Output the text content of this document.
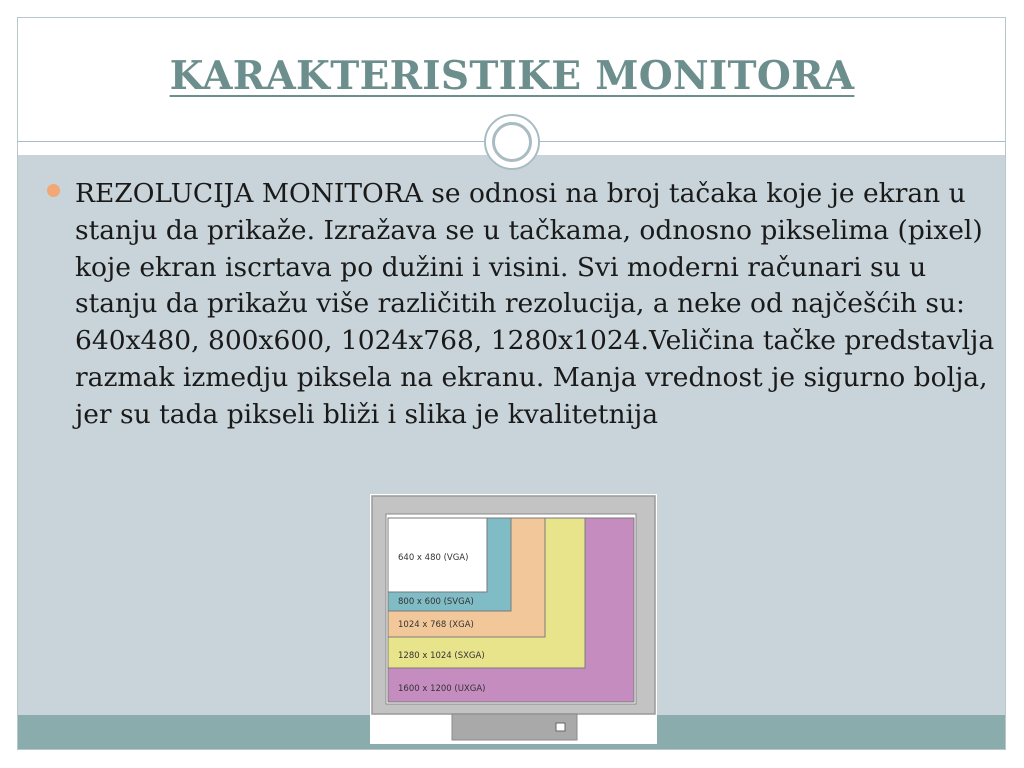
KARAKTERISTIKE MONITORA

REZOLUCIJA MONITORA se odnosi na broj tačaka koje je ekran u stanju da prikaže. Izražava se u tačkama, odnosno pikselima (pixel) koje ekran iscrtava po dužini i visini. Svi moderni računari su u stanju da prikažu više različitih rezolucija, a neke od najčešćih su: 640x480, 800x600, 1024x768, 1280x1024.Veličina tačke predstavlja razmak izmedju piksela na ekranu. Manja vrednost je sigurno bolja, jer su tada pikseli bliži i slika je kvalitetnija

640 x 480 (VGA)
800 x 600 (SVGA)
1024 x 768 (XGA)
1280 x 1024 (SXGA)
1600 x 1200 (UXGA)
